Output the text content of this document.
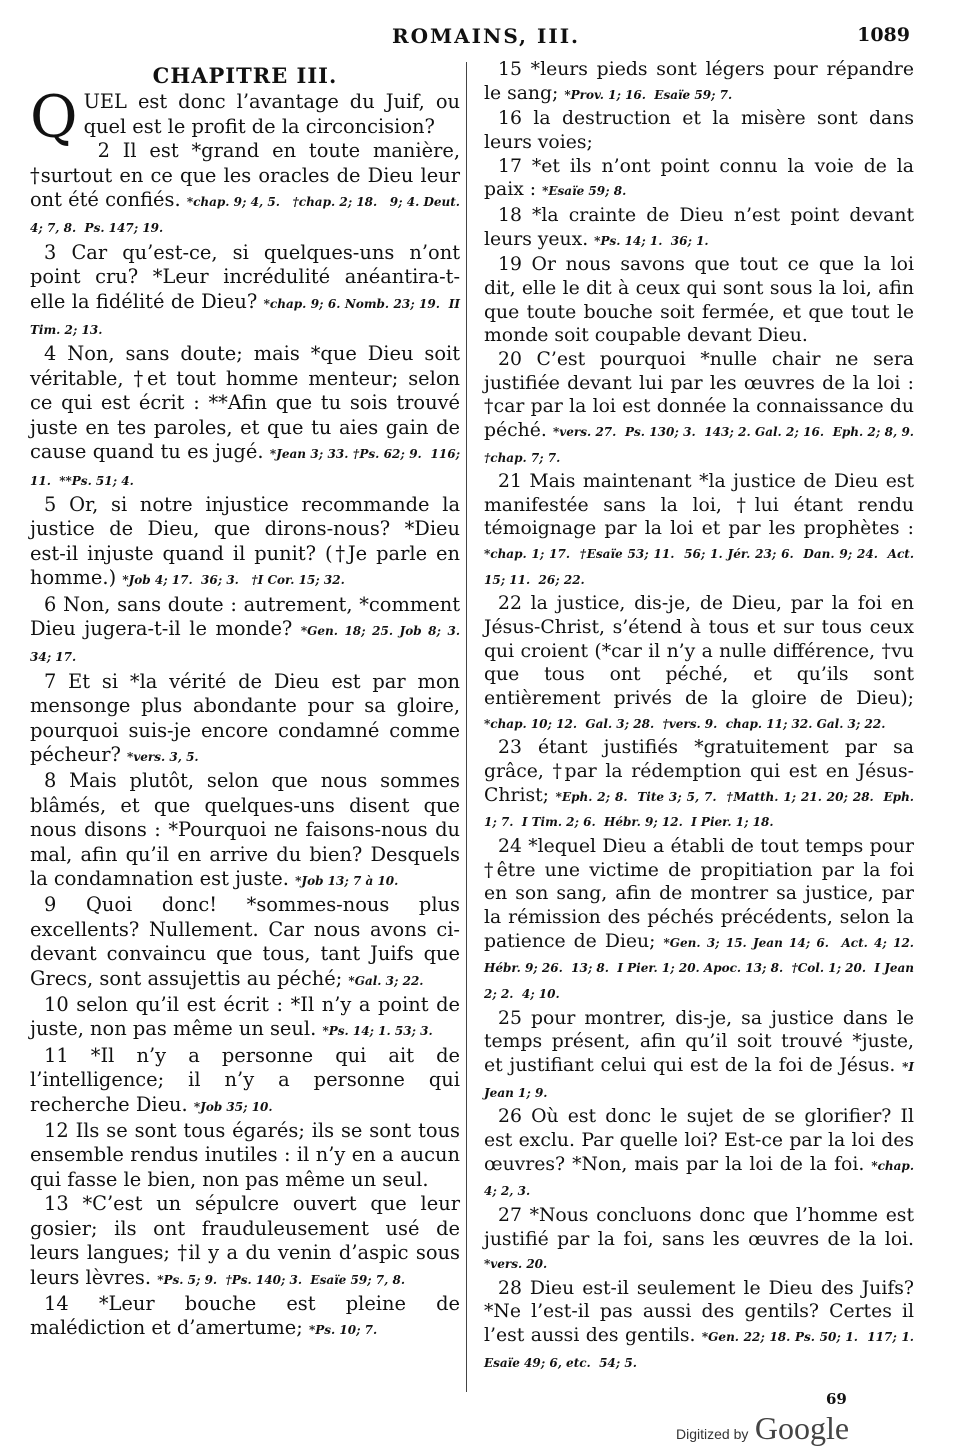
ROMAINS, III.	1089
CHAPITRE III.

QUEL est donc l’avantage du Juif, ou quel est le profit de la circoncision?

2 Il est *grand en toute manière, †surtout en ce que les oracles de Dieu leur ont été confiés. *chap. 9; 4, 5.   †chap. 2; 18.   9; 4. Deut. 4; 7, 8.  Ps. 147; 19.

3 Car qu’est-ce, si quelques-uns n’ont point cru? *Leur incrédulité anéantira-t-elle la fidélité de Dieu? *chap. 9; 6. Nomb. 23; 19.  II Tim. 2; 13.

4 Non, sans doute; mais *que Dieu soit véritable, †et tout homme menteur; selon ce qui est écrit : **Afin que tu sois trouvé juste en tes paroles, et que tu aies gain de cause quand tu es jugé. *Jean 3; 33. †Ps. 62; 9.  116; 11.  **Ps. 51; 4.

5 Or, si notre injustice recommande la justice de Dieu, que dirons-nous? *Dieu est-il injuste quand il punit? (†Je parle en homme.) *Job 4; 17.  36; 3.   †I Cor. 15; 32.

6 Non, sans doute : autrement, *comment Dieu jugera-t-il le monde? *Gen. 18; 25. Job 8; 3.  34; 17.

7 Et si *la vérité de Dieu est par mon mensonge plus abondante pour sa gloire, pourquoi suis-je encore condamné comme pécheur? *vers. 3, 5.

8 Mais plutôt, selon que nous sommes blâmés, et que quelques-uns disent que nous disons : *Pourquoi ne faisons-nous du mal, afin qu’il en arrive du bien? Desquels la condamnation est juste. *Job 13; 7 à 10.

9 Quoi donc! *sommes-nous plus excellents? Nullement. Car nous avons ci-devant convaincu que tous, tant Juifs que Grecs, sont assujettis au péché; *Gal. 3; 22.

10 selon qu’il est écrit : *Il n’y a point de juste, non pas même un seul. *Ps. 14; 1. 53; 3.

11 *Il n’y a personne qui ait de l’intelligence; il n’y a personne qui recherche Dieu. *Job 35; 10.

12 Ils se sont tous égarés; ils se sont tous ensemble rendus inutiles : il n’y en a aucun qui fasse le bien, non pas même un seul.

13 *C’est un sépulcre ouvert que leur gosier; ils ont frauduleusement usé de leurs langues; †il y a du venin d’aspic sous leurs lèvres. *Ps. 5; 9.  †Ps. 140; 3.  Esaïe 59; 7, 8.

14 *Leur bouche est pleine de malédiction et d’amertume; *Ps. 10; 7.

15 *leurs pieds sont légers pour répandre le sang; *Prov. 1; 16.  Esaïe 59; 7.

16 la destruction et la misère sont dans leurs voies;

17 *et ils n’ont point connu la voie de la paix : *Esaïe 59; 8.

18 *la crainte de Dieu n’est point devant leurs yeux. *Ps. 14; 1.  36; 1.

19 Or nous savons que tout ce que la loi dit, elle le dit à ceux qui sont sous la loi, afin que toute bouche soit fermée, et que tout le monde soit coupable devant Dieu.

20 C’est pourquoi *nulle chair ne sera justifiée devant lui par les œuvres de la loi : †car par la loi est donnée la connaissance du péché. *vers. 27.  Ps. 130; 3.  143; 2. Gal. 2; 16.  Eph. 2; 8, 9.  †chap. 7; 7.

21 Mais maintenant *la justice de Dieu est manifestée sans la loi, †lui étant rendu témoignage par la loi et par les prophètes : *chap. 1; 17.  †Esaïe 53; 11.  56; 1. Jér. 23; 6.  Dan. 9; 24.  Act. 15; 11.  26; 22.

22 la justice, dis-je, de Dieu, par la foi en Jésus-Christ, s’étend à tous et sur tous ceux qui croient (*car il n’y a nulle différence, †vu que tous ont péché, et qu’ils sont entièrement privés de la gloire de Dieu); *chap. 10; 12.  Gal. 3; 28.  †vers. 9.  chap. 11; 32. Gal. 3; 22.

23 étant justifiés *gratuitement par sa grâce, †par la rédemption qui est en Jésus-Christ; *Eph. 2; 8.  Tite 3; 5, 7.  †Matth. 1; 21. 20; 28.  Eph. 1; 7.  I Tim. 2; 6.  Hébr. 9; 12.  I Pier. 1; 18.

24 *lequel Dieu a établi de tout temps pour †être une victime de propitiation par la foi en son sang, afin de montrer sa justice, par la rémission des péchés précédents, selon la patience de Dieu; *Gen. 3; 15. Jean 14; 6.  Act. 4; 12.  Hébr. 9; 26.  13; 8.  I Pier. 1; 20. Apoc. 13; 8.  †Col. 1; 20.  I Jean 2; 2.  4; 10.

25 pour montrer, dis-je, sa justice dans le temps présent, afin qu’il soit trouvé *juste, et justifiant celui qui est de la foi de Jésus. *I Jean 1; 9.

26 Où est donc le sujet de se glorifier? Il est exclu. Par quelle loi? Est-ce par la loi des œuvres? *Non, mais par la loi de la foi. *chap. 4; 2, 3.

27 *Nous concluons donc que l’homme est justifié par la foi, sans les œuvres de la loi. *vers. 20.

28 Dieu est-il seulement le Dieu des Juifs? *Ne l’est-il pas aussi des gentils? Certes il l’est aussi des gentils. *Gen. 22; 18. Ps. 50; 1.  117; 1.  Esaïe 49; 6, etc.  54; 5.

69
Digitized by Google
